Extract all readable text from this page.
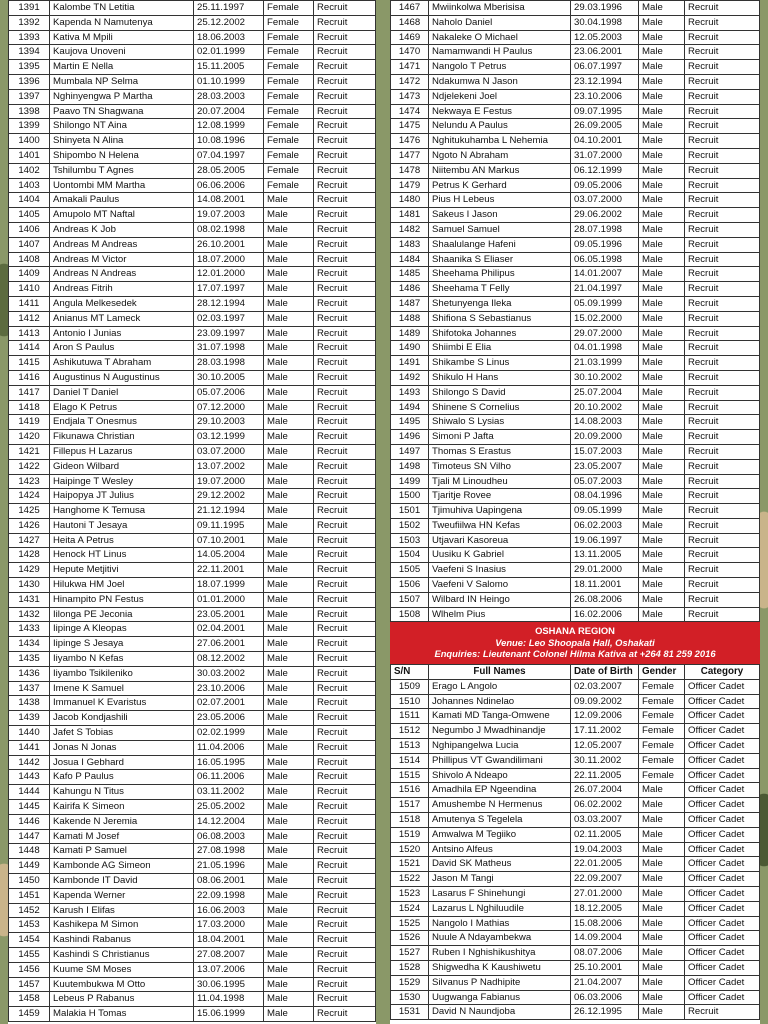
1391	Kalombe TN Letitia	25.11.1997	Female	Recruit
1392	Kapenda N Namutenya	25.12.2002	Female	Recruit
1393	Kativa M Mpili	18.06.2003	Female	Recruit
1394	Kaujova Unoveni	02.01.1999	Female	Recruit
1395	Martin E Nella	15.11.2005	Female	Recruit
1396	Mumbala NP Selma	01.10.1999	Female	Recruit
1397	Nghinyengwa P Martha	28.03.2003	Female	Recruit
1398	Paavo TN Shagwana	20.07.2004	Female	Recruit
1399	Shilongo NT Aina	12.08.1999	Female	Recruit
1400	Shinyeta N Alina	10.08.1996	Female	Recruit
1401	Shipombo N Helena	07.04.1997	Female	Recruit
1402	Tshilumbu T Agnes	28.05.2005	Female	Recruit
1403	Uontombi MM Martha	06.06.2006	Female	Recruit
1404	Amakali Paulus	14.08.2001	Male	Recruit
1405	Amupolo MT Naftal	19.07.2003	Male	Recruit
1406	Andreas K Job	08.02.1998	Male	Recruit
1407	Andreas M Andreas	26.10.2001	Male	Recruit
1408	Andreas M Victor	18.07.2000	Male	Recruit
1409	Andreas N Andreas	12.01.2000	Male	Recruit
1410	Andreas Fitrih	17.07.1997	Male	Recruit
1411	Angula Melkesedek	28.12.1994	Male	Recruit
1412	Anianus MT Lameck	02.03.1997	Male	Recruit
1413	Antonio I Junias	23.09.1997	Male	Recruit
1414	Aron S Paulus	31.07.1998	Male	Recruit
1415	Ashikutuwa T Abraham	28.03.1998	Male	Recruit
1416	Augustinus N Augustinus	30.10.2005	Male	Recruit
1417	Daniel T Daniel	05.07.2006	Male	Recruit
1418	Elago K Petrus	07.12.2000	Male	Recruit
1419	Endjala T Onesmus	29.10.2003	Male	Recruit
1420	Fikunawa Christian	03.12.1999	Male	Recruit
1421	Fillepus H Lazarus	03.07.2000	Male	Recruit
1422	Gideon Wilbard	13.07.2002	Male	Recruit
1423	Haipinge T Wesley	19.07.2000	Male	Recruit
1424	Haipopya JT Julius	29.12.2002	Male	Recruit
1425	Hanghome K Temusa	21.12.1994	Male	Recruit
1426	Hautoni T Jesaya	09.11.1995	Male	Recruit
1427	Heita A Petrus	07.10.2001	Male	Recruit
1428	Henock HT Linus	14.05.2004	Male	Recruit
1429	Hepute Metjitivi	22.11.2001	Male	Recruit
1430	Hilukwa HM Joel	18.07.1999	Male	Recruit
1431	Hinampito PN Festus	01.01.2000	Male	Recruit
1432	Iilonga PE Jeconia	23.05.2001	Male	Recruit
1433	Iipinge A Kleopas	02.04.2001	Male	Recruit
1434	Iipinge S Jesaya	27.06.2001	Male	Recruit
1435	Iiyambo N Kefas	08.12.2002	Male	Recruit
1436	Iiyambo Tsikileniko	30.03.2002	Male	Recruit
1437	Imene K Samuel	23.10.2006	Male	Recruit
1438	Immanuel K Evaristus	02.07.2001	Male	Recruit
1439	Jacob Kondjashili	23.05.2006	Male	Recruit
1440	Jafet S Tobias	02.02.1999	Male	Recruit
1441	Jonas N Jonas	11.04.2006	Male	Recruit
1442	Josua I Gebhard	16.05.1995	Male	Recruit
1443	Kafo P Paulus	06.11.2006	Male	Recruit
1444	Kahungu N Titus	03.11.2002	Male	Recruit
1445	Kairifa K Simeon	25.05.2002	Male	Recruit
1446	Kakende N Jeremia	14.12.2004	Male	Recruit
1447	Kamati M Josef	06.08.2003	Male	Recruit
1448	Kamati P Samuel	27.08.1998	Male	Recruit
1449	Kambonde AG Simeon	21.05.1996	Male	Recruit
1450	Kambonde IT David	08.06.2001	Male	Recruit
1451	Kapenda Werner	22.09.1998	Male	Recruit
1452	Karush I Elifas	16.06.2003	Male	Recruit
1453	Kashikepa M Simon	17.03.2000	Male	Recruit
1454	Kashindi Rabanus	18.04.2001	Male	Recruit
1455	Kashindi S Christianus	27.08.2007	Male	Recruit
1456	Kuume SM Moses	13.07.2006	Male	Recruit
1457	Kuutembukwa M Otto	30.06.1995	Male	Recruit
1458	Lebeus P Rabanus	11.04.1998	Male	Recruit
1459	Malakia H Tomas	15.06.1999	Male	Recruit
1467	Mwiinkolwa Mberisisa	29.03.1996	Male	Recruit
1468	Naholo Daniel	30.04.1998	Male	Recruit
1469	Nakaleke O Michael	12.05.2003	Male	Recruit
1470	Namamwandi H Paulus	23.06.2001	Male	Recruit
1471	Nangolo T Petrus	06.07.1997	Male	Recruit
1472	Ndakumwa N Jason	23.12.1994	Male	Recruit
1473	Ndjelekeni Joel	23.10.2006	Male	Recruit
1474	Nekwaya E Festus	09.07.1995	Male	Recruit
1475	Nelundu A Paulus	26.09.2005	Male	Recruit
1476	Nghitukuhamba L Nehemia	04.10.2001	Male	Recruit
1477	Ngoto N Abraham	31.07.2000	Male	Recruit
1478	Niitembu AN Markus	06.12.1999	Male	Recruit
1479	Petrus K Gerhard	09.05.2006	Male	Recruit
1480	Pius H Lebeus	03.07.2000	Male	Recruit
1481	Sakeus I Jason	29.06.2002	Male	Recruit
1482	Samuel Samuel	28.07.1998	Male	Recruit
1483	Shaalulange Hafeni	09.05.1996	Male	Recruit
1484	Shaanika S Eliaser	06.05.1998	Male	Recruit
1485	Sheehama Philipus	14.01.2007	Male	Recruit
1486	Sheehama T Felly	21.04.1997	Male	Recruit
1487	Shetunyenga Ileka	05.09.1999	Male	Recruit
1488	Shifiona S Sebastianus	15.02.2000	Male	Recruit
1489	Shifotoka Johannes	29.07.2000	Male	Recruit
1490	Shiimbi E Elia	04.01.1998	Male	Recruit
1491	Shikambe S Linus	21.03.1999	Male	Recruit
1492	Shikulo H Hans	30.10.2002	Male	Recruit
1493	Shilongo S David	25.07.2004	Male	Recruit
1494	Shinene S Cornelius	20.10.2002	Male	Recruit
1495	Shiwalo S Lysias	14.08.2003	Male	Recruit
1496	Simoni P Jafta	20.09.2000	Male	Recruit
1497	Thomas S Erastus	15.07.2003	Male	Recruit
1498	Timoteus SN Vilho	23.05.2007	Male	Recruit
1499	Tjali M Linoudheu	05.07.2003	Male	Recruit
1500	Tjaritje Rovee	08.04.1996	Male	Recruit
1501	Tjimuhiva Uapingena	09.05.1999	Male	Recruit
1502	Tweufiilwa HN Kefas	06.02.2003	Male	Recruit
1503	Utjavari Kasoreua	19.06.1997	Male	Recruit
1504	Uusiku K Gabriel	13.11.2005	Male	Recruit
1505	Vaefeni S Inasius	29.01.2000	Male	Recruit
1506	Vaefeni V Salomo	18.11.2001	Male	Recruit
1507	Wilbard IN Heingo	26.08.2006	Male	Recruit
1508	Wlhelm Pius	16.02.2006	Male	Recruit
OSHANA REGION
Venue: Leo Shoopala Hall, Oshakati
Enquiries: Lieutenant Colonel Hilma Kativa at +264 81 259 2016
S/N	Full Names	Date of Birth	Gender	Category
1509	Erago L Angolo	02.03.2007	Female	Officer Cadet
1510	Johannes Ndinelao	09.09.2002	Female	Officer Cadet
1511	Kamati MD Tanga-Omwene	12.09.2006	Female	Officer Cadet
1512	Negumbo J Mwadhinandje	17.11.2002	Female	Officer Cadet
1513	Nghipangelwa Lucia	12.05.2007	Female	Officer Cadet
1514	Phillipus VT Gwandilimani	30.11.2002	Female	Officer Cadet
1515	Shivolo A Ndeapo	22.11.2005	Female	Officer Cadet
1516	Amadhila EP Ngeendina	26.07.2004	Male	Officer Cadet
1517	Amushembe N Hermenus	06.02.2002	Male	Officer Cadet
1518	Amutenya S Tegelela	03.03.2007	Male	Officer Cadet
1519	Amwalwa M Tegiiko	02.11.2005	Male	Officer Cadet
1520	Antsino Alfeus	19.04.2003	Male	Officer Cadet
1521	David SK Matheus	22.01.2005	Male	Officer Cadet
1522	Jason M Tangi	22.09.2007	Male	Officer Cadet
1523	Lasarus F Shinehungi	27.01.2000	Male	Officer Cadet
1524	Lazarus L Nghiluudile	18.12.2005	Male	Officer Cadet
1525	Nangolo I Mathias	15.08.2006	Male	Officer Cadet
1526	Nuule A Ndayambekwa	14.09.2004	Male	Officer Cadet
1527	Ruben I Nghishikushitya	08.07.2006	Male	Officer Cadet
1528	Shigwedha K Kaushiwetu	25.10.2001	Male	Officer Cadet
1529	Silvanus P Nadhipite	21.04.2007	Male	Officer Cadet
1530	Uugwanga Fabianus	06.03.2006	Male	Officer Cadet
1531	David N Naundjoba	26.12.1995	Male	Recruit
